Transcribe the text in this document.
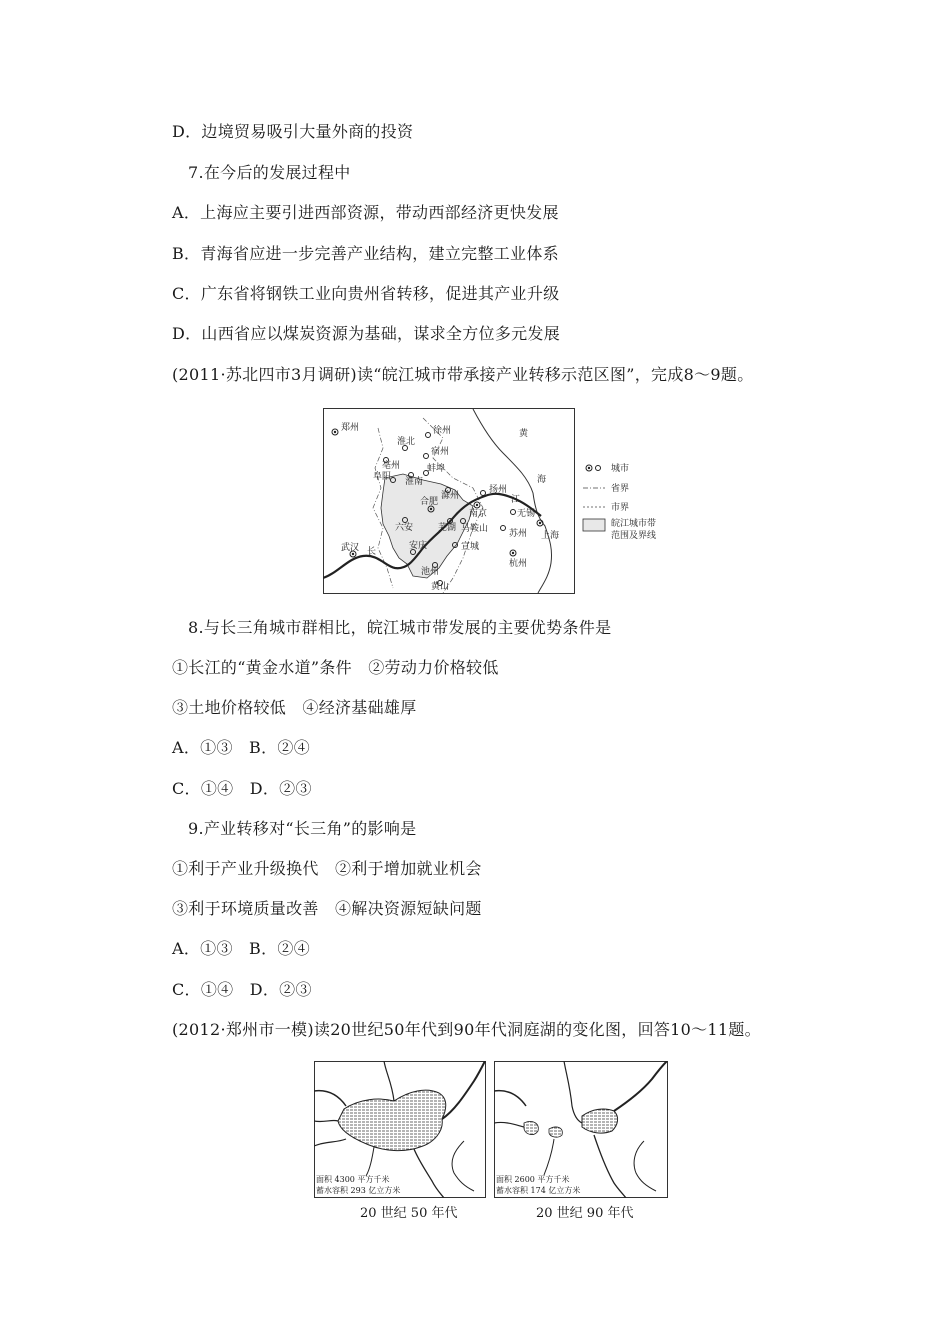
D．边境贸易吸引大量外商的投资
7.在今后的发展过程中
A．上海应主要引进西部资源，带动西部经济更快发展
B．青海省应进一步完善产业结构，建立完整工业体系
C．广东省将钢铁工业向贵州省转移，促进其产业升级
D．山西省应以煤炭资源为基础，谋求全方位多元发展
(2011·苏北四市3月调研)读“皖江城市带承接产业转移示范区图”，完成8～9题。
郑州	徐州
淮北
宿州
亳州	蚌埠
阜阳 淮南
滁州
扬州
合肥
南京
六安	芜湖 马鞍山
无锡
苏州 上海
武汉	安庆	宣城
杭州
池州
黄山
黄
海
江
长
城市
省界
市界
皖江城市带
范围及界线
8.与长三角城市群相比，皖江城市带发展的主要优势条件是
①长江的“黄金水道”条件　②劳动力价格较低
③土地价格较低　④经济基础雄厚
A．①③　B．②④
C．①④　D．②③
9.产业转移对“长三角”的影响是
①利于产业升级换代　②利于增加就业机会
③利于环境质量改善　④解决资源短缺问题
A．①③　B．②④
C．①④　D．②③
(2012·郑州市一模)读20世纪50年代到90年代洞庭湖的变化图，回答10～11题。
面积 4300 平方千米
蓄水容积 293 亿立方米
20 世纪 50 年代
面积 2600 平方千米
蓄水容积 174 亿立方米
20 世纪 90 年代
